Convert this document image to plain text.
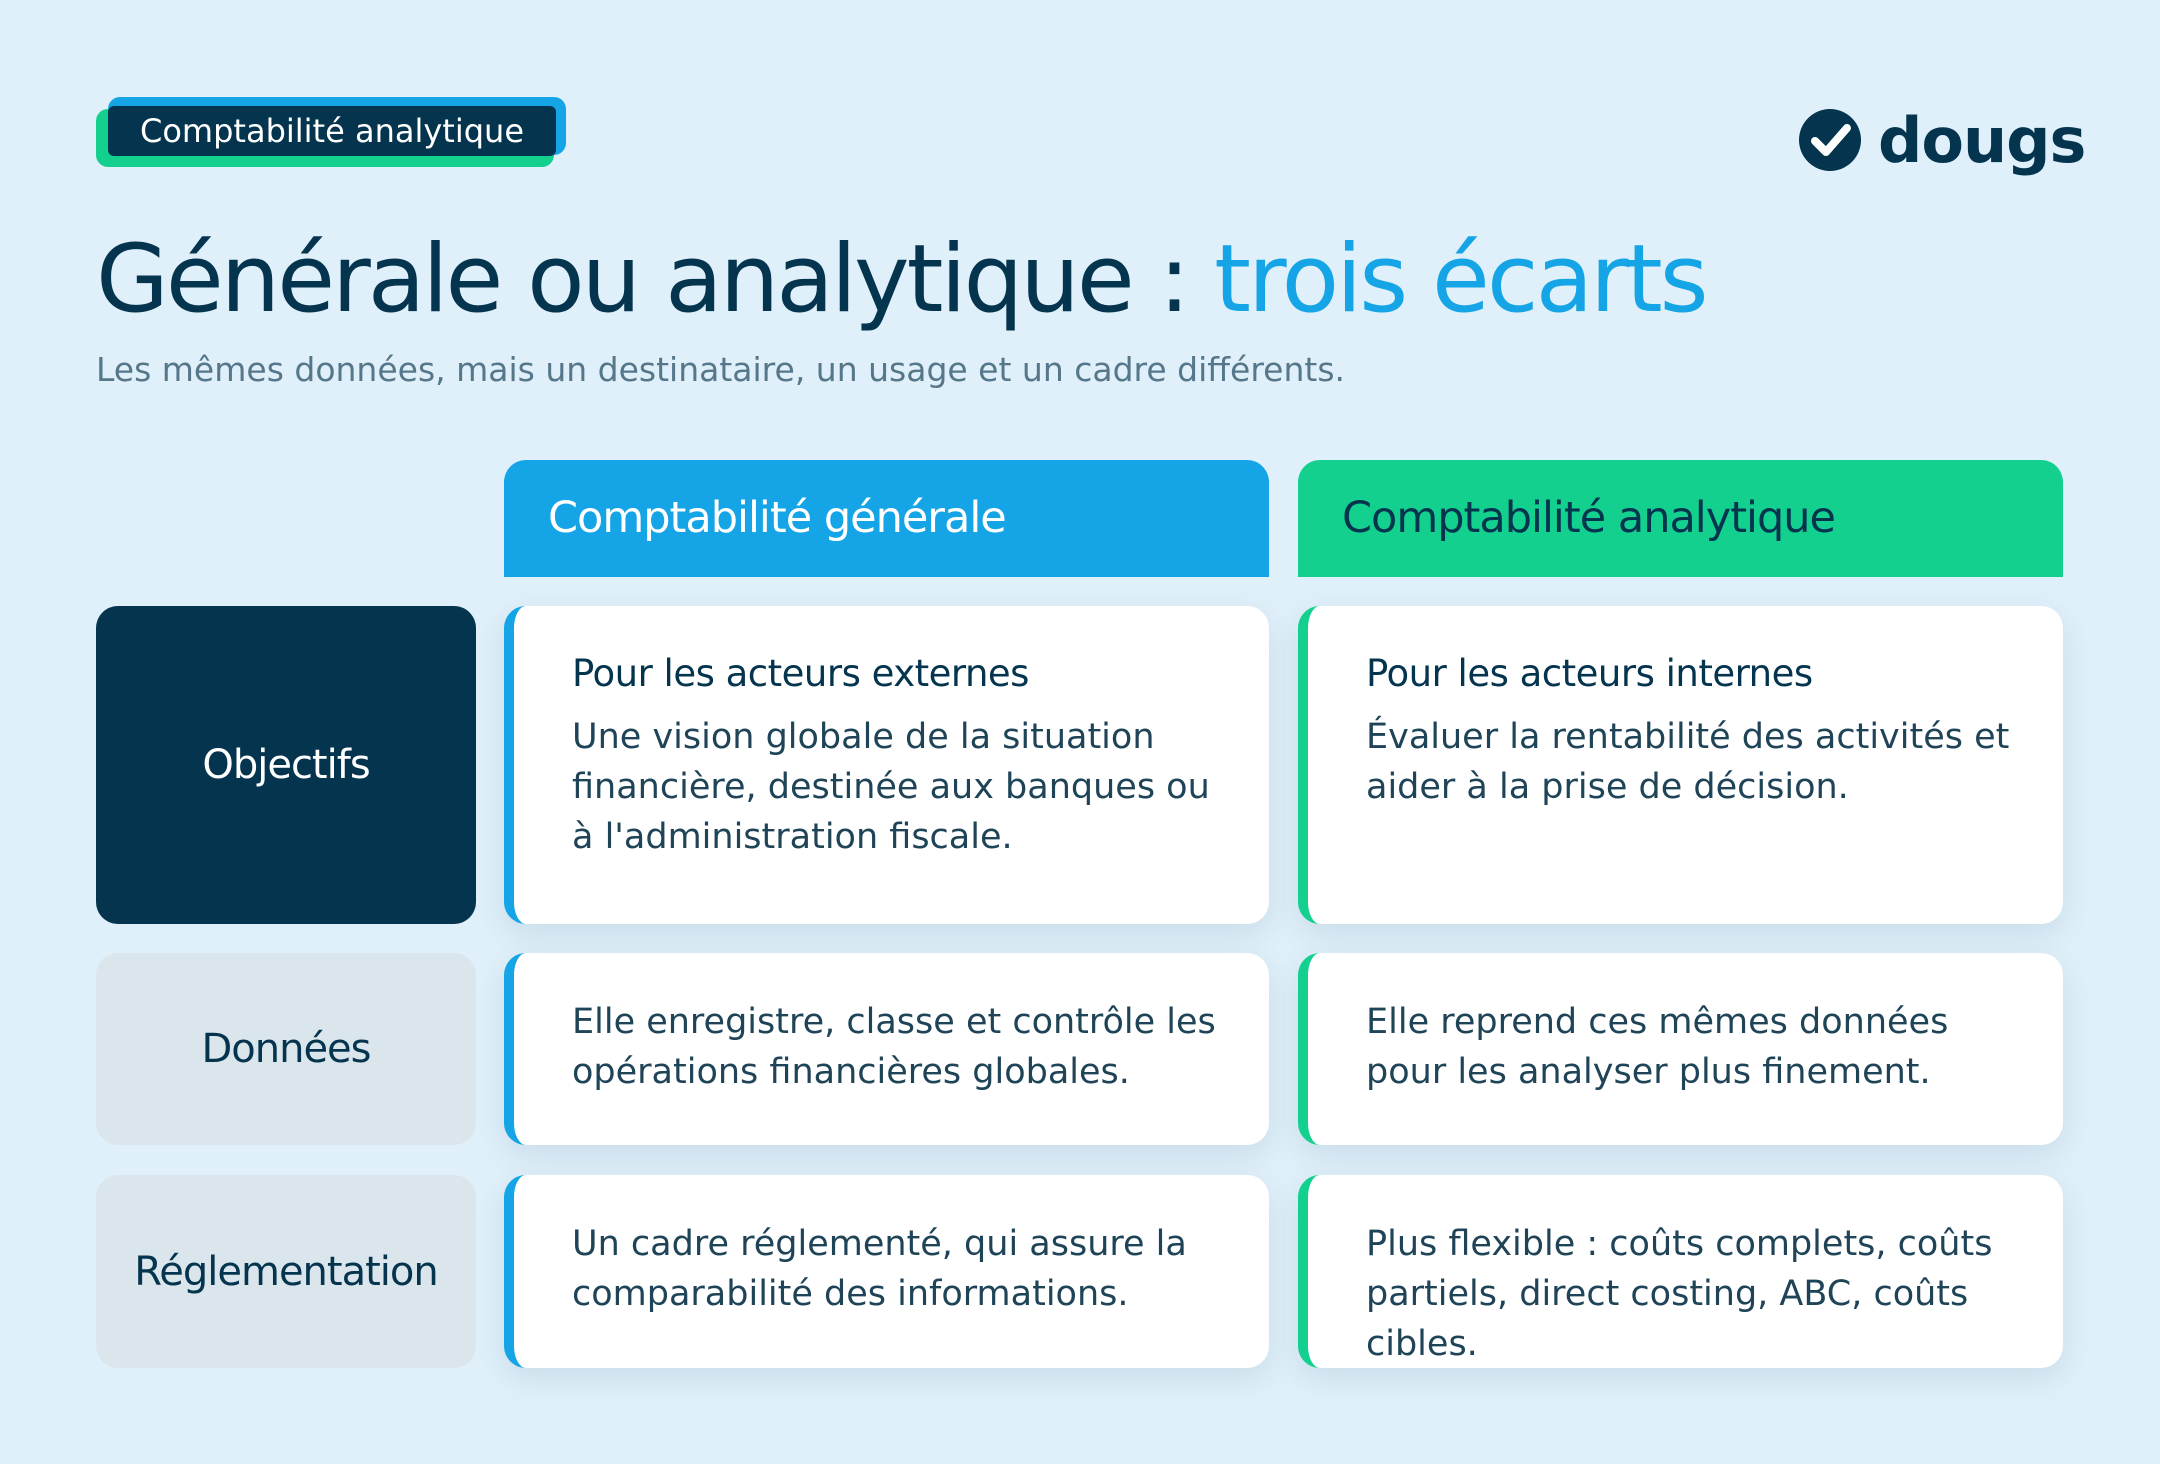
Comptabilité analytique	dougs
Générale ou analytique : trois écarts
Les mêmes données, mais un destinataire, un usage et un cadre différents.
Comptabilité générale	Comptabilité analytique
Objectifs
Pour les acteurs externes

Une vision globale de la situation financière, destinée aux banques ou à l'administration fiscale.

Pour les acteurs internes

Évaluer la rentabilité des activités et aider à la prise de décision.

Données

Elle enregistre, classe et contrôle les opérations financières globales.

Elle reprend ces mêmes données pour les analyser plus finement.

Réglementation

Un cadre réglementé, qui assure la comparabilité des informations.

Plus flexible : coûts complets, coûts partiels, direct costing, ABC, coûts cibles.
